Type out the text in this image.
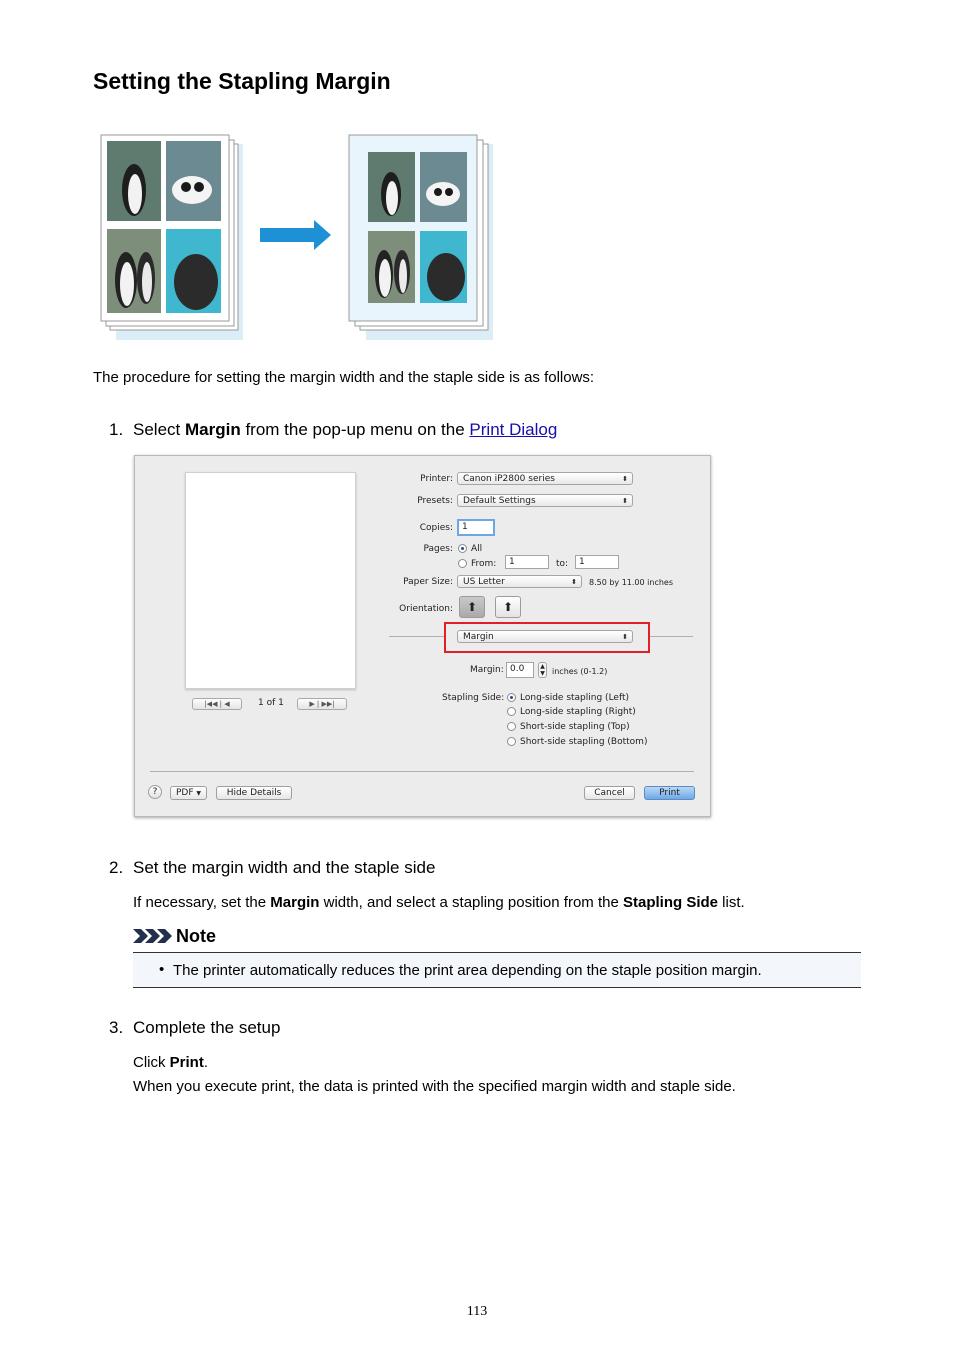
Setting the Stapling Margin
The procedure for setting the margin width and the staple side is as follows:
1. Select Margin from the pop-up menu on the Print Dialog
|◀◀ | ◀	1 of 1	▶ | ▶▶|
Printer:	Canon iP2800 series	⬍
Presets:	Default Settings	⬍
Copies:	1
Pages: All
From:	1	to:	1
Paper Size:	US Letter	⬍ 8.50 by 11.00 inches
Orientation:	⬆	⬆
Margin	⬍
Margin: 0.0	▲
▼ inches (0-1.2)
Stapling Side: Long-side stapling (Left)
Long-side stapling (Right)
Short-side stapling (Top)
Short-side stapling (Bottom)
?	PDF ▼	Hide Details	Cancel	Print
2. Set the margin width and the staple side
If necessary, set the Margin width, and select a stapling position from the Stapling Side list.
Note
• The printer automatically reduces the print area depending on the staple position margin.
3. Complete the setup
Click Print.
When you execute print, the data is printed with the specified margin width and staple side.
113
